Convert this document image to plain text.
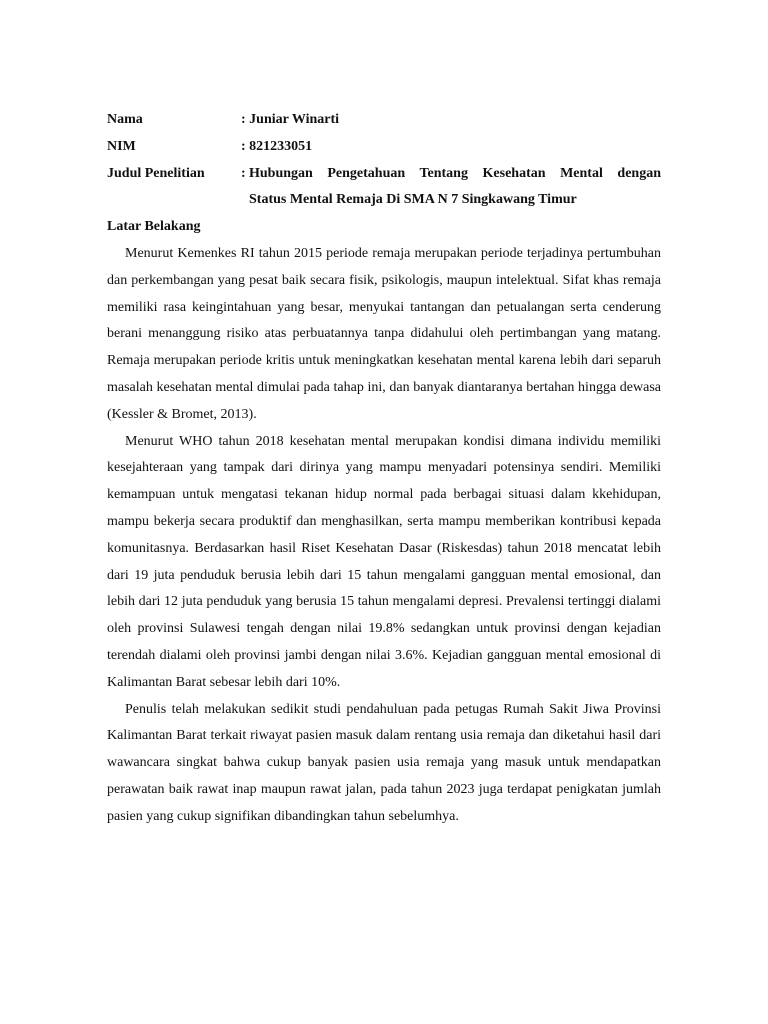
Nama	: Juniar Winarti
NIM	: 821233051
Judul Penelitian	: Hubungan Pengetahuan Tentang Kesehatan Mental dengan
Status Mental Remaja Di SMA N 7 Singkawang Timur
Latar Belakang

Menurut Kemenkes RI tahun 2015 periode remaja merupakan periode terjadinya pertumbuhan dan perkembangan yang pesat baik secara fisik, psikologis, maupun intelektual. Sifat khas remaja memiliki rasa keingintahuan yang besar, menyukai tantangan dan petualangan serta cenderung berani menanggung risiko atas perbuatannya tanpa didahului oleh pertimbangan yang matang. Remaja merupakan periode kritis untuk meningkatkan kesehatan mental karena lebih dari separuh masalah kesehatan mental dimulai pada tahap ini, dan banyak diantaranya bertahan hingga dewasa (Kessler & Bromet, 2013).

Menurut WHO tahun 2018 kesehatan mental merupakan kondisi dimana individu memiliki kesejahteraan yang tampak dari dirinya yang mampu menyadari potensinya sendiri. Memiliki kemampuan untuk mengatasi tekanan hidup normal pada berbagai situasi dalam kkehidupan, mampu bekerja secara produktif dan menghasilkan, serta mampu memberikan kontribusi kepada komunitasnya. Berdasarkan hasil Riset Kesehatan Dasar (Riskesdas) tahun 2018 mencatat lebih dari 19 juta penduduk berusia lebih dari 15 tahun mengalami gangguan mental emosional, dan lebih dari 12 juta penduduk yang berusia 15 tahun mengalami depresi. Prevalensi tertinggi dialami oleh provinsi Sulawesi tengah dengan nilai 19.8% sedangkan untuk provinsi dengan kejadian terendah dialami oleh provinsi jambi dengan nilai 3.6%. Kejadian gangguan mental emosional di Kalimantan Barat sebesar lebih dari 10%.

Penulis telah melakukan sedikit studi pendahuluan pada petugas Rumah Sakit Jiwa Provinsi Kalimantan Barat terkait riwayat pasien masuk dalam rentang usia remaja dan diketahui hasil dari wawancara singkat bahwa cukup banyak pasien usia remaja yang masuk untuk mendapatkan perawatan baik rawat inap maupun rawat jalan, pada tahun 2023 juga terdapat penigkatan jumlah pasien yang cukup signifikan dibandingkan tahun sebelumhya.
